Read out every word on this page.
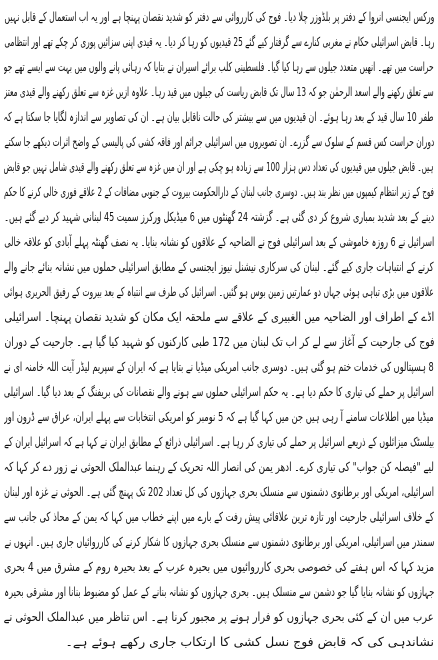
ورکس ایجنسی انروا کے دفتر پر بلڈوزر چلا دیا۔ فوج کی کارروائی سے دفتر کو شدید نقصان پہنچا ہے اور یہ اب استعمال کے قابل نہیں
رہا۔ قابض اسرائیلی حکام نے مغربی کنارے سے گرفتار کیے گئے 25 قیدیوں کو رہا کر دیا۔ یہ قیدی اپنی سزائیں پوری کر چکے تھے اور انتظامی
حراست میں تھے۔ انھیں متعدد جیلوں سے رہا کیا گیا۔ فلسطینی کلب برائے اسیران نے بتایا کہ رہائی پانے والوں میں بہت سے ایسے تھے جو
سے تعلق رکھنے والے اسعد الرحمٰن جو کہ 13 سال تک قابض ریاست کی جیلوں میں قید رہا۔ علاوہ ازیں غزہ سے تعلق رکھنے والے قیدی معتز
طفر 10 سال قید کے بعد رہا ہوئے۔ ان قیدیوں میں سے بیشتر کی حالت ناقابل بیان ہے۔ ان کی تصاویر سے اندازہ لگایا جا سکتا ہے کہ
دوران حراست کس قسم کے سلوک سے گزرے۔ ان تصویروں میں اسرائیلی جرائم اور فاقہ کشی کی پالیسی کے واضح اثرات دیکھے جا سکتے
ہیں۔ قابض جیلوں میں قیدیوں کی تعداد دس ہزار 100 سے زیادہ ہو چکی ہے اور ان میں غزہ سے تعلق رکھنے والے قیدی شامل نہیں جو قابض
فوج کے زیر انتظام کیمپوں میں نظر بند ہیں۔ دوسری جانب لبنان کے دارالحکومت بیروت کے جنوبی مضافات کے 2 علاقے فوری خالی کرنے کا حکم
دینے کے بعد شدید بمباری شروع کر دی گئی ہے۔ گزشتہ 24 گھنٹوں میں 6 میڈیکل ورکرز سمیت 45 لبنانی شہید کر دیے گئے ہیں۔
اسرائیل نے 6 روزہ خاموشی کے بعد اسرائیلی فوج نے الضاحیہ کے علاقوں کو نشانہ بنایا۔ یہ نصف گھنٹہ پہلے آبادی کو علاقہ خالی
کرنے کے انتباہات جاری کیے گئے۔ لبنان کی سرکاری نیشنل نیوز ایجنسی کے مطابق اسرائیلی حملوں میں نشانہ بنائے جانے والے
علاقوں میں بڑی تباہی ہوئی جہاں دو عمارتیں زمین بوس ہو گئیں۔ اسرائیل کی طرف سے انتباہ کے بعد بیروت کے رفیق الحریری ہوائی
اڈے کے اطراف اور الضاحیہ میں الغبیری کے علاقے سے ملحقہ ایک مکان کو شدید نقصان پہنچا۔ اسرائیلی
فوج کی جارحیت کے آغاز سے لے کر اب تک لبنان میں 172 طبی کارکنوں کو شہید کیا گیا ہے۔ جارحیت کے دوران
8 ہسپتالوں کی خدمات ختم ہو گئی ہیں۔ دوسری جانب امریکی میڈیا نے بتایا ہے کہ ایران کے سپریم لیڈر آیت اللہ خامنہ ای نے
اسرائیل پر حملے کی تیاری کا حکم دیا ہے۔ یہ حکم اسرائیلی حملوں سے ہونے والے نقصانات کی بریفنگ کے بعد دیا گیا۔ اسرائیلی
میڈیا میں اطلاعات سامنے آ رہی ہیں جن میں کہا گیا ہے کہ 5 نومبر کو امریکی انتخابات سے پہلے ایران، عراق سے ڈرون اور
بیلسٹک میزائلوں کے ذریعے اسرائیل پر حملے کی تیاری کر رہا ہے۔ اسرائیلی ذرائع کے مطابق ایران نے کہا ہے کہ اسرائیل ایران کے
لیے "فیصلہ کن جواب" کی تیاری کرے۔ ادھر یمن کی انصار اللہ تحریک کے رہنما عبدالملک الحوثی نے زور دے کر کہا کہ
اسرائیلی، امریکی اور برطانوی دشمنوں سے منسلک بحری جہازوں کی کل تعداد 202 تک پہنچ گئی ہے۔ الحوثی نے غزہ اور لبنان
کے خلاف اسرائیلی جارحیت اور تازہ ترین علاقائی پیش رفت کے بارے میں اپنے خطاب میں کہا کہ یمن کے محاذ کی جانب سے
سمندر میں اسرائیلی، امریکی اور برطانوی دشمنوں سے منسلک بحری جہازوں کا شکار کرنے کی کارروائیاں جاری ہیں۔ انہوں نے
مزید کہا کہ اس ہفتے کی خصوصی بحری کارروائیوں میں بحیرہ عرب کے بعد بحیرہ روم کے مشرق میں 4 بحری
جہازوں کو نشانہ بنایا گیا جو دشمن سے منسلک ہیں۔ بحری جہازوں کو نشانہ بنانے کے عمل کو مضبوط بنانا اور مشرقی بحیرہ
عرب میں ان کے کئی بحری جہازوں کو فرار ہونے پر مجبور کرنا ہے۔ اس تناظر میں عبدالملک الحوثی نے
نشاندہی کی کہ قابض فوج نسل کشی کا ارتکاب جاری رکھے ہوئے ہے۔
